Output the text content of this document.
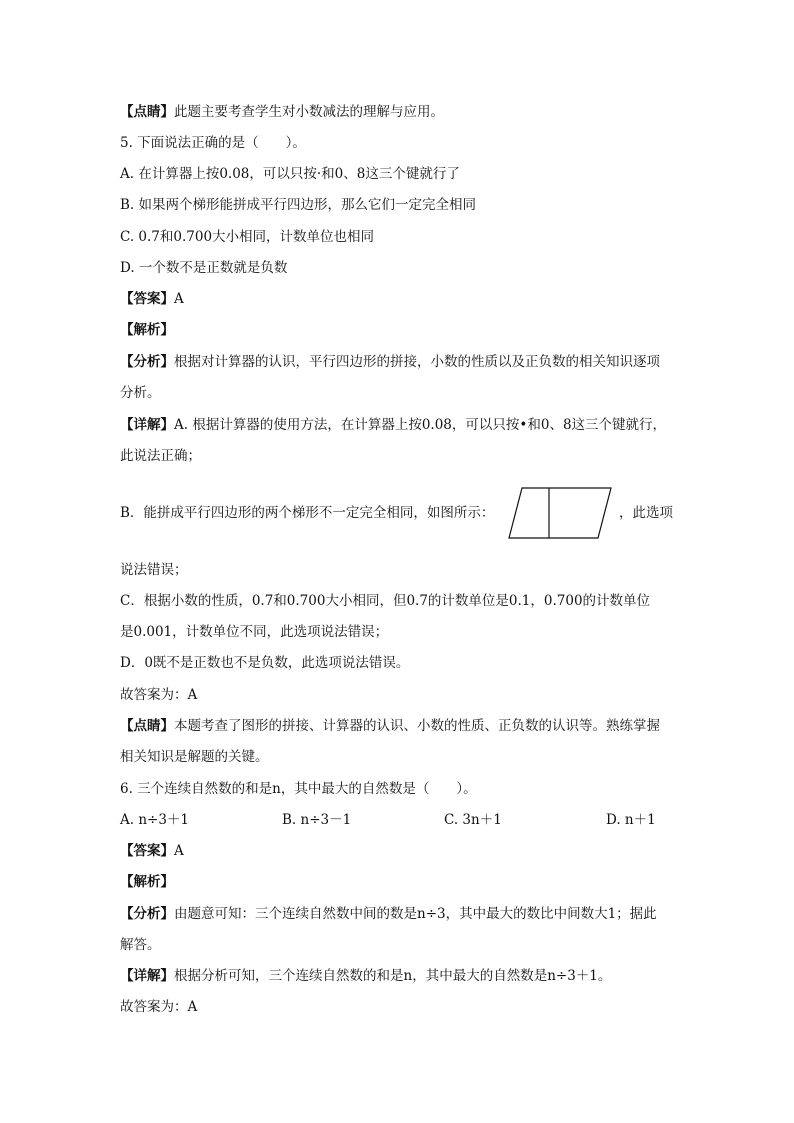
【点睛】此题主要考查学生对小数减法的理解与应用。
5. 下面说法正确的是（　　）。
A. 在计算器上按0.08，可以只按·和0、8这三个键就行了
B. 如果两个梯形能拼成平行四边形，那么它们一定完全相同
C. 0.7和0.700大小相同，计数单位也相同
D. 一个数不是正数就是负数
【答案】A
【解析】
【分析】根据对计算器的认识，平行四边形的拼接，小数的性质以及正负数的相关知识逐项
分析。
【详解】A. 根据计算器的使用方法，在计算器上按0.08，可以只按•和0、8这三个键就行，
此说法正确；
B．能拼成平行四边形的两个梯形不一定完全相同，如图所示：	，此选项
说法错误；
C．根据小数的性质，0.7和0.700大小相同，但0.7的计数单位是0.1，0.700的计数单位
是0.001，计数单位不同，此选项说法错误；
D．0既不是正数也不是负数，此选项说法错误。
故答案为：A
【点睛】本题考查了图形的拼接、计算器的认识、小数的性质、正负数的认识等。熟练掌握
相关知识是解题的关键。
6. 三个连续自然数的和是n，其中最大的自然数是（　　）。
A. n÷3＋1	B. n÷3－1	C. 3n＋1	D. n＋1
【答案】A
【解析】
【分析】由题意可知：三个连续自然数中间的数是n÷3，其中最大的数比中间数大1；据此
解答。
【详解】根据分析可知，三个连续自然数的和是n，其中最大的自然数是n÷3＋1。
故答案为：A
